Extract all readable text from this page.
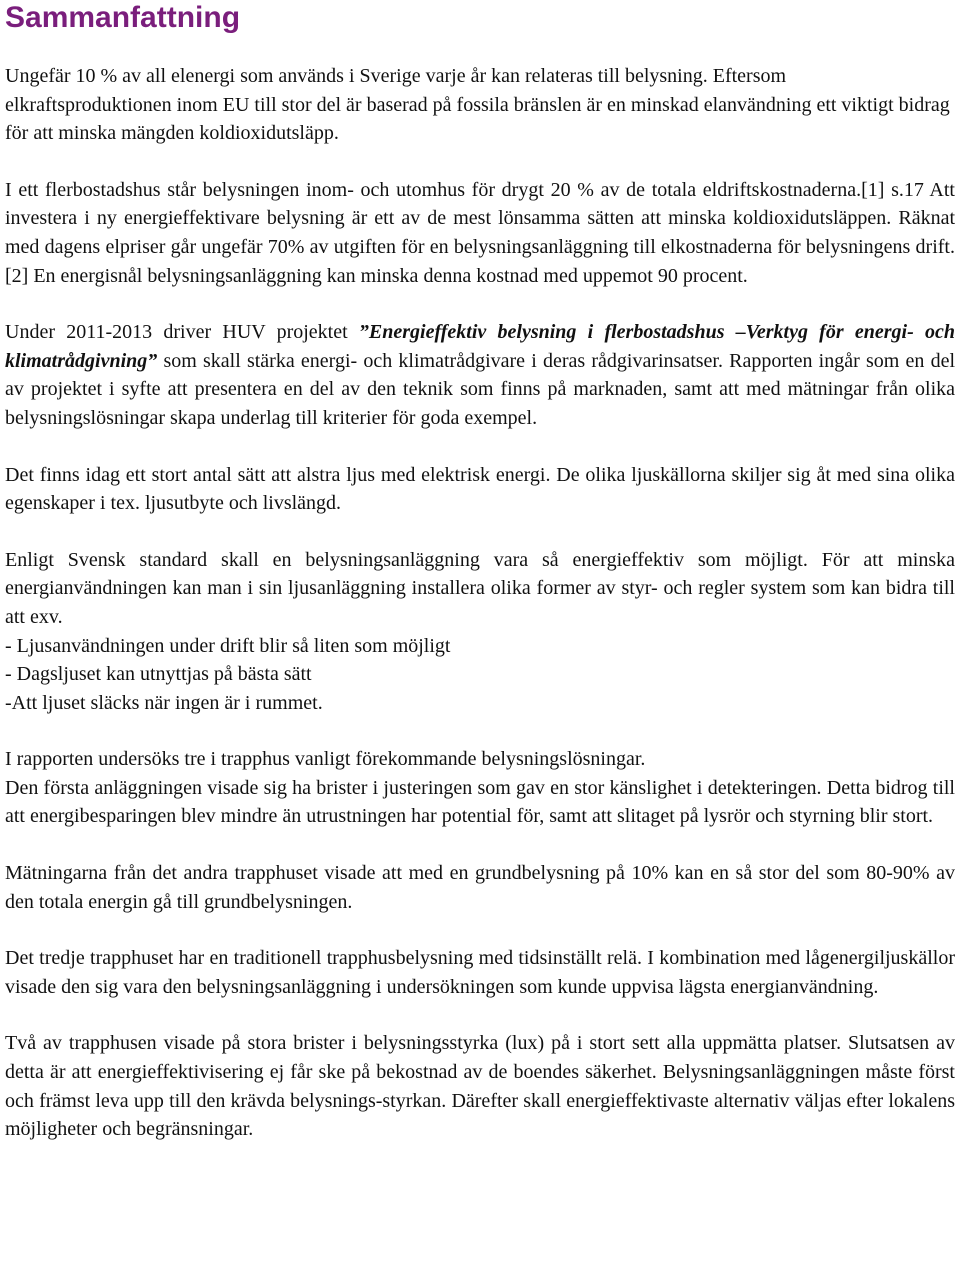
Sammanfattning

Ungefär 10 % av all elenergi som används i Sverige varje år kan relateras till belysning. Eftersom elkraftsproduktionen inom EU till stor del är baserad på fossila bränslen är en minskad elanvändning ett viktigt bidrag för att minska mängden koldioxidutsläpp.

I ett flerbostadshus står belysningen inom- och utomhus för drygt 20 % av de totala eldriftskostnaderna.[1] s.17 Att investera i ny energieffektivare belysning är ett av de mest lönsamma sätten att minska koldioxidutsläppen. Räknat med dagens elpriser går ungefär 70% av utgiften för en belysningsanläggning till elkostnaderna för belysningens drift.[2] En energisnål belysningsanläggning kan minska denna kostnad med uppemot 90 procent.

Under 2011-2013 driver HUV projektet ”Energieffektiv belysning i flerbostadshus –Verktyg för energi- och klimatrådgivning” som skall stärka energi- och klimatrådgivare i deras rådgivarinsatser. Rapporten ingår som en del av projektet i syfte att presentera en del av den teknik som finns på marknaden, samt att med mätningar från olika belysningslösningar skapa underlag till kriterier för goda exempel.

Det finns idag ett stort antal sätt att alstra ljus med elektrisk energi. De olika ljuskällorna skiljer sig åt med sina olika egenskaper i tex. ljusutbyte och livslängd.

Enligt Svensk standard skall en belysningsanläggning vara så energieffektiv som möjligt. För att minska energianvändningen kan man i sin ljusanläggning installera olika former av styr- och regler system som kan bidra till att exv.

- Ljusanvändningen under drift blir så liten som möjligt
- Dagsljuset kan utnyttjas på bästa sätt
-Att ljuset släcks när ingen är i rummet.

I rapporten undersöks tre i trapphus vanligt förekommande belysningslösningar.

Den första anläggningen visade sig ha brister i justeringen som gav en stor känslighet i detekteringen. Detta bidrog till att energibesparingen blev mindre än utrustningen har potential för, samt att slitaget på lysrör och styrning blir stort.

Mätningarna från det andra trapphuset visade att med en grundbelysning på 10% kan en så stor del som 80-90% av den totala energin gå till grundbelysningen.

Det tredje trapphuset har en traditionell trapphusbelysning med tidsinställt relä. I kombination med lågenergiljuskällor visade den sig vara den belysningsanläggning i undersökningen som kunde uppvisa lägsta energianvändning.

Två av trapphusen visade på stora brister i belysningsstyrka (lux) på i stort sett alla uppmätta platser. Slutsatsen av detta är att energieffektivisering ej får ske på bekostnad av de boendes säkerhet. Belysningsanläggningen måste först och främst leva upp till den krävda belysnings-styrkan. Därefter skall energieffektivaste alternativ väljas efter lokalens möjligheter och begränsningar.
